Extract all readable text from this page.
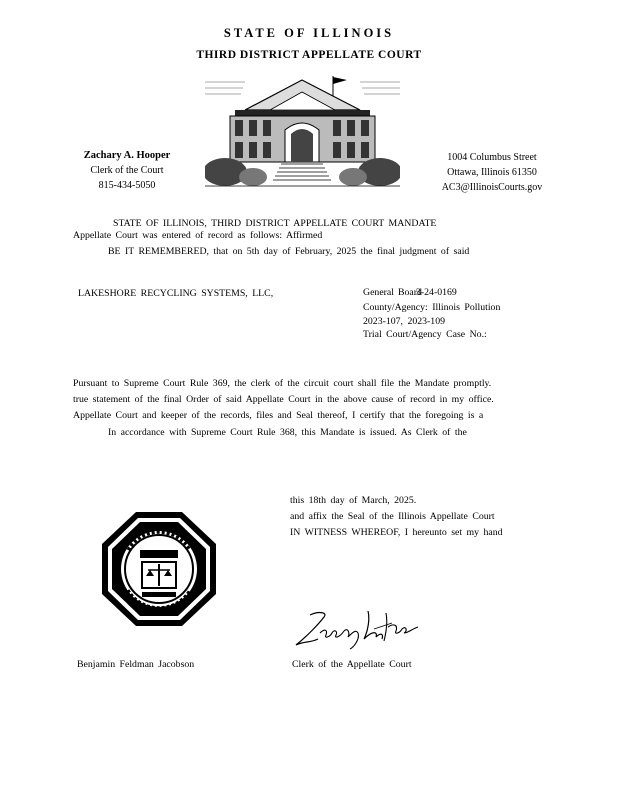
STATE OF ILLINOIS
THIRD DISTRICT APPELLATE COURT
Zachary A. Hooper
Clerk of the Court
815-434-5050
1004 Columbus Street
Ottawa, Illinois 61350
AC3@IllinoisCourts.gov
STATE OF ILLINOIS, THIRD DISTRICT APPELLATE COURT MANDATE
Appellate Court was entered of record as follows: Affirmed
BE IT REMEMBERED, that on 5th day of February, 2025 the final judgment of said
LAKESHORE RECYCLING SYSTEMS, LLC,	General Board
3-24-0169
County/Agency: Illinois Pollution
2023-107, 2023-109
Trial Court/Agency Case No.:
Pursuant to Supreme Court Rule 369, the clerk of the circuit court shall file the Mandate promptly.
true statement of the final Order of said Appellate Court in the above cause of record in my office.
Appellate Court and keeper of the records, files and Seal thereof, I certify that the foregoing is a
In accordance with Supreme Court Rule 368, this Mandate is issued. As Clerk of the
this 18th day of March, 2025.
and affix the Seal of the Illinois Appellate Court
IN WITNESS WHEREOF, I hereunto set my hand
Benjamin Feldman Jacobson	Clerk of the Appellate Court
